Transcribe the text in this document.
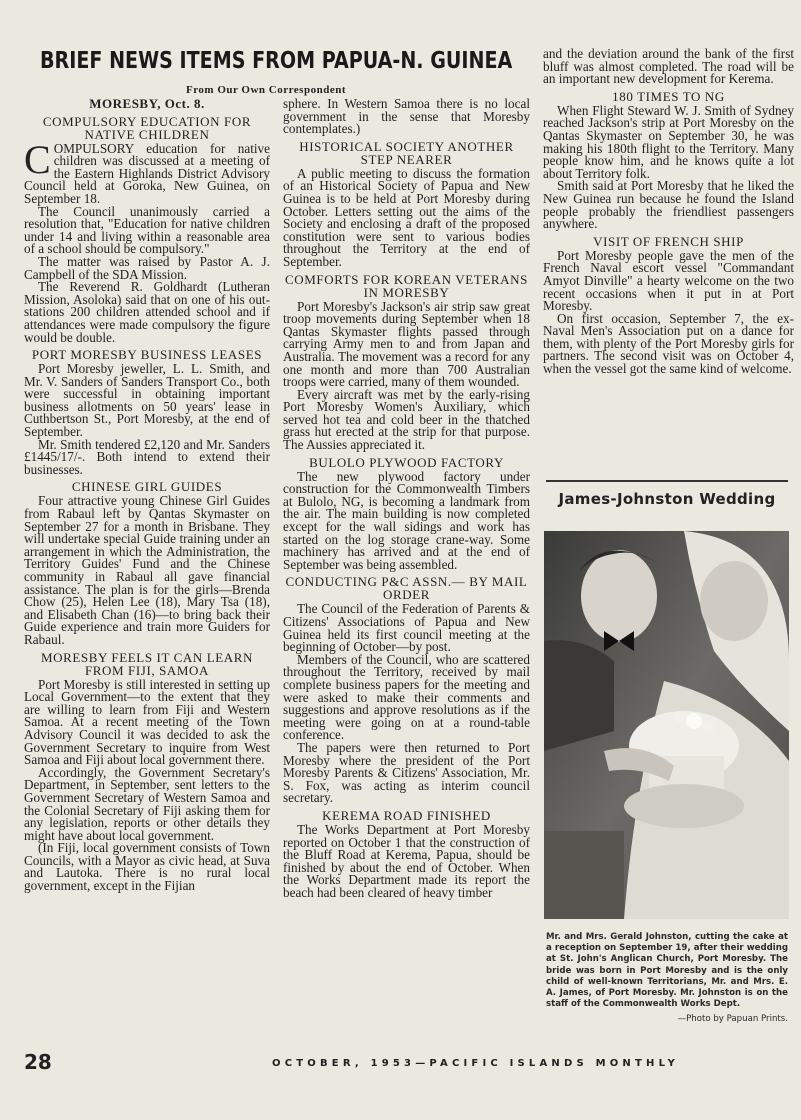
BRIEF NEWS ITEMS FROM PAPUA-N. GUINEA
From Our Own Correspondent
MORESBY, Oct. 8.
COMPULSORY EDUCATION FOR NATIVE CHILDREN

COMPULSORY education for native children was discussed at a meeting of the Eastern Highlands District Advisory Council held at Goroka, New Guinea, on September 18.

The Council unanimously carried a resolution that, "Education for native children under 14 and living within a reasonable area of a school should be compulsory."

The matter was raised by Pastor A. J. Campbell of the SDA Mission.

The Reverend R. Goldhardt (Lutheran Mission, Asoloka) said that on one of his out-stations 200 children attended school and if attendances were made compulsory the figure would be double.

PORT MORESBY BUSINESS LEASES

Port Moresby jeweller, L. L. Smith, and Mr. V. Sanders of Sanders Transport Co., both were successful in obtaining important business allotments on 50 years' lease in Cuthbertson St., Port Moresby, at the end of September.

Mr. Smith tendered £2,120 and Mr. Sanders £1445/17/-. Both intend to extend their businesses.

CHINESE GIRL GUIDES

Four attractive young Chinese Girl Guides from Rabaul left by Qantas Skymaster on September 27 for a month in Brisbane. They will undertake special Guide training under an arrangement in which the Administration, the Territory Guides' Fund and the Chinese community in Rabaul all gave financial assistance. The plan is for the girls—Brenda Chow (25), Helen Lee (18), Mary Tsa (18), and Elisabeth Chan (16)—to bring back their Guide experience and train more Guiders for Rabaul.

MORESBY FEELS IT CAN LEARN FROM FIJI, SAMOA

Port Moresby is still interested in setting up Local Government—to the extent that they are willing to learn from Fiji and Western Samoa. At a recent meeting of the Town Advisory Council it was decided to ask the Government Secretary to inquire from West Samoa and Fiji about local government there.

Accordingly, the Government Secretary's Department, in September, sent letters to the Government Secretary of Western Samoa and the Colonial Secretary of Fiji asking them for any legislation, reports or other details they might have about local government.

(In Fiji, local government consists of Town Councils, with a Mayor as civic head, at Suva and Lautoka. There is no rural local government, except in the Fijian

sphere. In Western Samoa there is no local government in the sense that Moresby contemplates.)

HISTORICAL SOCIETY ANOTHER STEP NEARER

A public meeting to discuss the formation of an Historical Society of Papua and New Guinea is to be held at Port Moresby during October. Letters setting out the aims of the Society and enclosing a draft of the proposed constitution were sent to various bodies throughout the Territory at the end of September.

COMFORTS FOR KOREAN VETERANS IN MORESBY

Port Moresby's Jackson's air strip saw great troop movements during September when 18 Qantas Skymaster flights passed through carrying Army men to and from Japan and Australia. The movement was a record for any one month and more than 700 Australian troops were carried, many of them wounded.

Every aircraft was met by the early-rising Port Moresby Women's Auxiliary, which served hot tea and cold beer in the thatched grass hut erected at the strip for that purpose. The Aussies appreciated it.

BULOLO PLYWOOD FACTORY

The new plywood factory under construction for the Commonwealth Timbers at Bulolo, NG, is becoming a landmark from the air. The main building is now completed except for the wall sidings and work has started on the log storage crane-way. Some machinery has arrived and at the end of September was being assembled.

CONDUCTING P&C ASSN.— BY MAIL ORDER

The Council of the Federation of Parents & Citizens' Associations of Papua and New Guinea held its first council meeting at the beginning of October—by post.

Members of the Council, who are scattered throughout the Territory, received by mail complete business papers for the meeting and were asked to make their comments and suggestions and approve resolutions as if the meeting were going on at a round-table conference.

The papers were then returned to Port Moresby where the president of the Port Moresby Parents & Citizens' Association, Mr. S. Fox, was acting as interim council secretary.

KEREMA ROAD FINISHED

The Works Department at Port Moresby reported on October 1 that the construction of the Bluff Road at Kerema, Papua, should be finished by about the end of October. When the Works Department made its report the beach had been cleared of heavy timber

and the deviation around the bank of the first bluff was almost completed. The road will be an important new development for Kerema.

180 TIMES TO NG

When Flight Steward W. J. Smith of Sydney reached Jackson's strip at Port Moresby on the Qantas Skymaster on September 30, he was making his 180th flight to the Territory. Many people know him, and he knows quite a lot about Territory folk.

Smith said at Port Moresby that he liked the New Guinea run because he found the Island people probably the friendliest passengers anywhere.

VISIT OF FRENCH SHIP

Port Moresby people gave the men of the French Naval escort vessel "Commandant Amyot Dinville" a hearty welcome on the two recent occasions when it put in at Port Moresby.

On first occasion, September 7, the ex-Naval Men's Association put on a dance for them, with plenty of the Port Moresby girls for partners. The second visit was on October 4, when the vessel got the same kind of welcome.

James-Johnston Wedding
Mr. and Mrs. Gerald Johnston, cutting the cake at a reception on September 19, after their wedding at St. John's Anglican Church, Port Moresby. The bride was born in Port Moresby and is the only child of well-known Territorians, Mr. and Mrs. E. A. James, of Port Moresby. Mr. Johnston is on the staff of the Commonwealth Works Dept.
—Photo by Papuan Prints.
28	OCTOBER, 1953—PACIFIC ISLANDS MONTHLY
